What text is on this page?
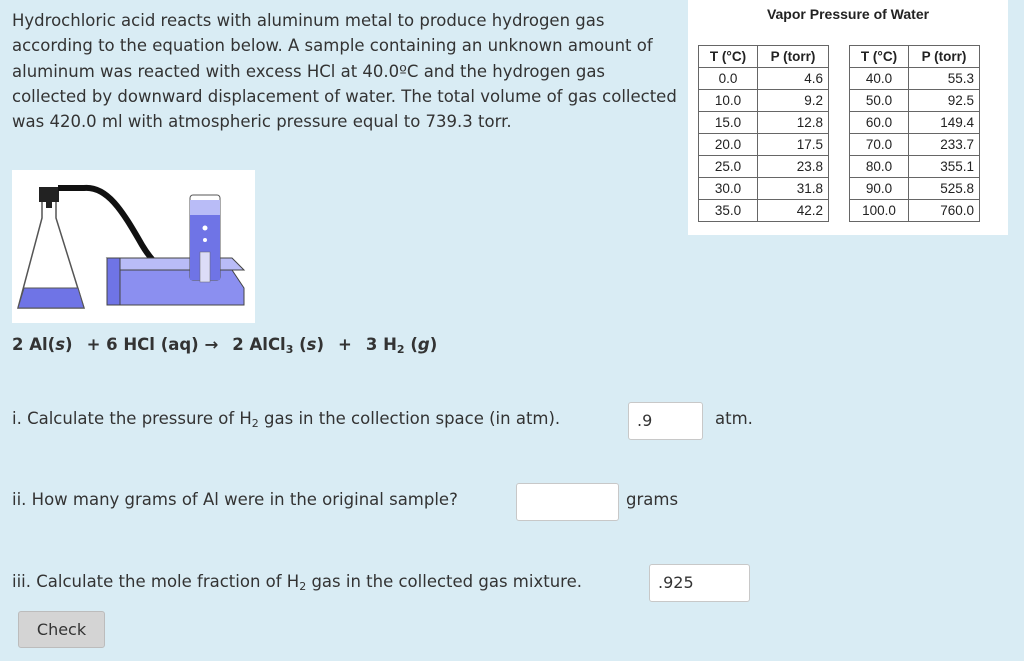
Hydrochloric acid reacts with aluminum metal to produce hydrogen gas according to the equation below. A sample containing an unknown amount of aluminum was reacted with excess HCl at 40.0ºC and the hydrogen gas collected by downward displacement of water. The total volume of gas collected was 420.0 ml with atmospheric pressure equal to 739.3 torr.
Vapor Pressure of Water
T (°C)	P (torr)		T (°C)	P (torr)
0.0	4.6		40.0	55.3
10.0	9.2		50.0	92.5
15.0	12.8		60.0	149.4
20.0	17.5		70.0	233.7
25.0	23.8		80.0	355.1
30.0	31.8		90.0	525.8
35.0	42.2		100.0	760.0
2 Al(s) + 6 HCl (aq) → 2 AlCl$_3$ (s) + 3 $H_2$ (g)
i. Calculate the pressure of $H_2$ gas in the collection space (in atm).	.9	atm.
ii. How many grams of Al were in the original sample?	grams
iii. Calculate the mole fraction of $H_2$ gas in the collected gas mixture.	.925
Check
